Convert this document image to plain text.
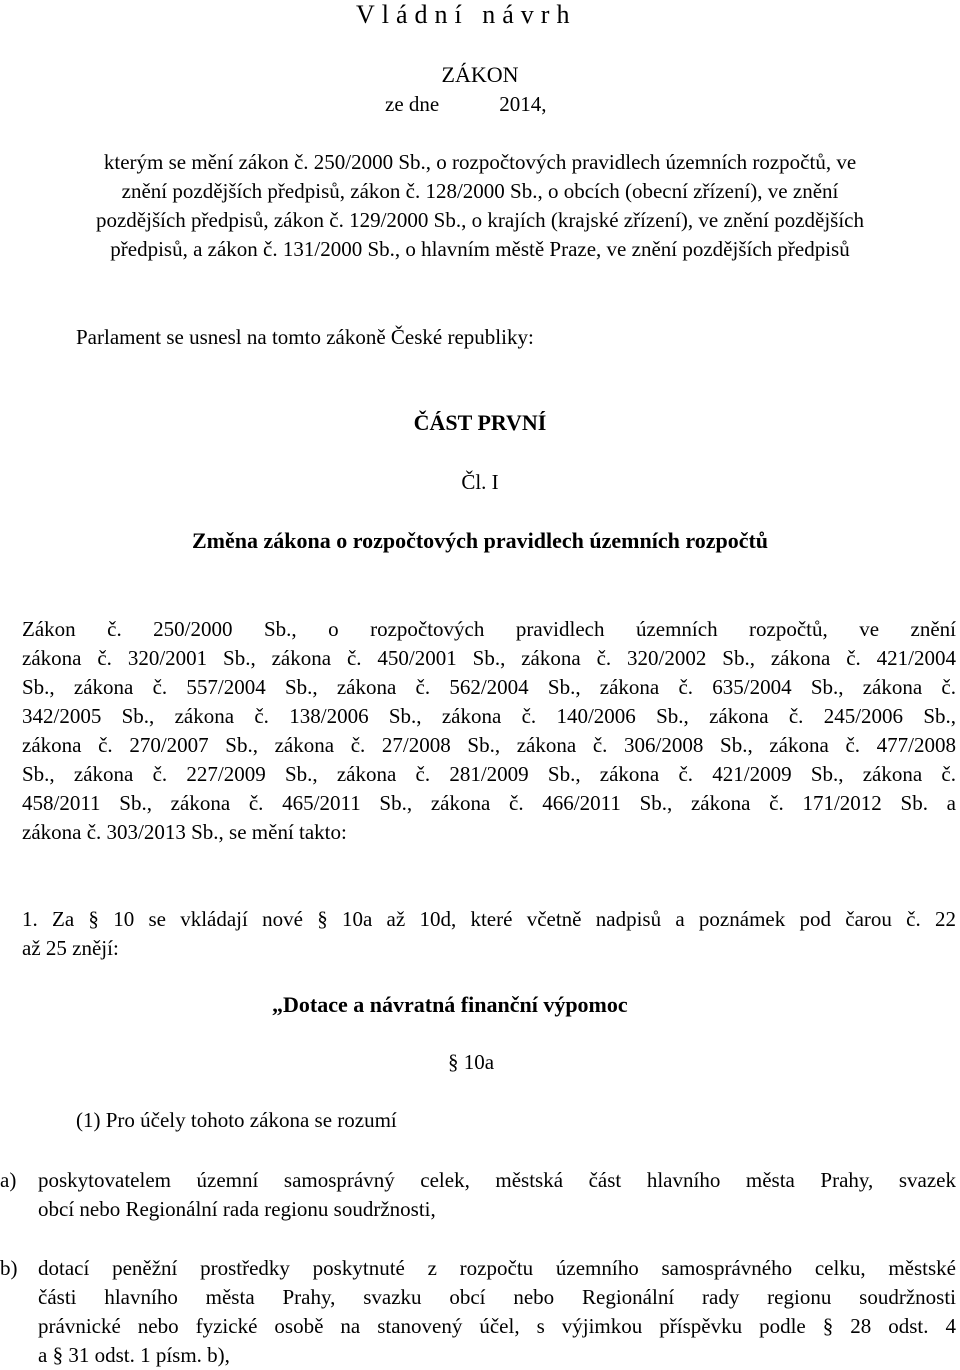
Vládní návrh
ZÁKON
ze dne	2014,
kterým se mění zákon č. 250/2000 Sb., o rozpočtových pravidlech územních rozpočtů, ve
znění pozdějších předpisů, zákon č. 128/2000 Sb., o obcích (obecní zřízení), ve znění
pozdějších předpisů, zákon č. 129/2000 Sb., o krajích (krajské zřízení), ve znění pozdějších
předpisů, a zákon č. 131/2000 Sb., o hlavním městě Praze, ve znění pozdějších předpisů
Parlament se usnesl na tomto zákoně České republiky:
ČÁST PRVNÍ
Čl. I
Změna zákona o rozpočtových pravidlech územních rozpočtů
Zákon č. 250/2000 Sb., o rozpočtových pravidlech územních rozpočtů, ve znění
zákona č. 320/2001 Sb., zákona č. 450/2001 Sb., zákona č. 320/2002 Sb., zákona č. 421/2004
Sb., zákona č. 557/2004 Sb., zákona č. 562/2004 Sb., zákona č. 635/2004 Sb., zákona č.
342/2005 Sb., zákona č. 138/2006 Sb., zákona č. 140/2006 Sb., zákona č. 245/2006 Sb.,
zákona č. 270/2007 Sb., zákona č. 27/2008 Sb., zákona č. 306/2008 Sb., zákona č. 477/2008
Sb., zákona č. 227/2009 Sb., zákona č. 281/2009 Sb., zákona č. 421/2009 Sb., zákona č.
458/2011 Sb., zákona č. 465/2011 Sb., zákona č. 466/2011 Sb., zákona č. 171/2012 Sb. a
zákona č. 303/2013 Sb., se mění takto:
1. Za § 10 se vkládají nové § 10a až 10d, které včetně nadpisů a poznámek pod čarou č. 22
až 25 znějí:
„Dotace a návratná finanční výpomoc
§ 10a
(1) Pro účely tohoto zákona se rozumí
a) poskytovatelem územní samosprávný celek, městská část hlavního města Prahy, svazek
obcí nebo Regionální rada regionu soudržnosti,
b) dotací peněžní prostředky poskytnuté z rozpočtu územního samosprávného celku, městské
části hlavního města Prahy, svazku obcí nebo Regionální rady regionu soudržnosti
právnické nebo fyzické osobě na stanovený účel, s výjimkou příspěvku podle § 28 odst. 4
a § 31 odst. 1 písm. b),
